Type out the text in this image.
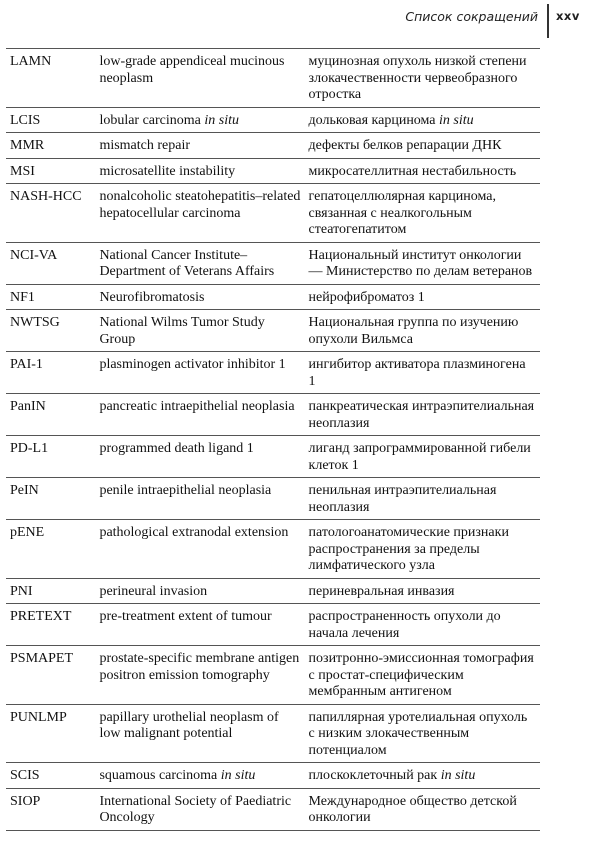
Список сокращений xxv
LAMN	low-grade appendiceal mucinous neoplasm	муцинозная опухоль низкой степени злокачественности червеобразного отростка
LCIS	lobular carcinoma in situ	дольковая карцинома in situ
MMR	mismatch repair	дефекты белков репарации ДНК
MSI	microsatellite instability	микросателлитная нестабильность
NASH-HCC	nonalcoholic steatohepatitis–related hepatocellular carcinoma	гепатоцеллюлярная карцинома, связанная с неалкогольным стеатогепатитом
NCI-VA	National Cancer Institute–Department of Veterans Affairs	Национальный институт онкологии — Министерство по делам ветеранов
NF1	Neurofibromatosis	нейрофиброматоз 1
NWTSG	National Wilms Tumor Study Group	Национальная группа по изучению опухоли Вильмса
PAI-1	plasminogen activator inhibitor 1	ингибитор активатора плазминогена 1
PanIN	pancreatic intraepithelial neoplasia	панкреатическая интраэпителиальная неоплазия
PD-L1	programmed death ligand 1	лиганд запрограммированной гибели клеток 1
PeIN	penile intraepithelial neoplasia	пенильная интраэпителиальная неоплазия
pENE	pathological extranodal extension	патологоанатомические признаки распространения за пределы лимфатического узла
PNI	perineural invasion	периневральная инвазия
PRETEXT	pre-treatment extent of tumour	распространенность опухоли до начала лечения
PSMAPET	prostate-specific membrane antigen positron emission tomography	позитронно-эмиссионная томография с простат-специфическим мембранным антигеном
PUNLMP	papillary urothelial neoplasm of low malignant potential	папиллярная уротелиальная опухоль с низким злокачественным потенциалом
SCIS	squamous carcinoma in situ	плоскоклеточный рак in situ
SIOP	International Society of Paediatric Oncology	Международное общество детской онкологии
